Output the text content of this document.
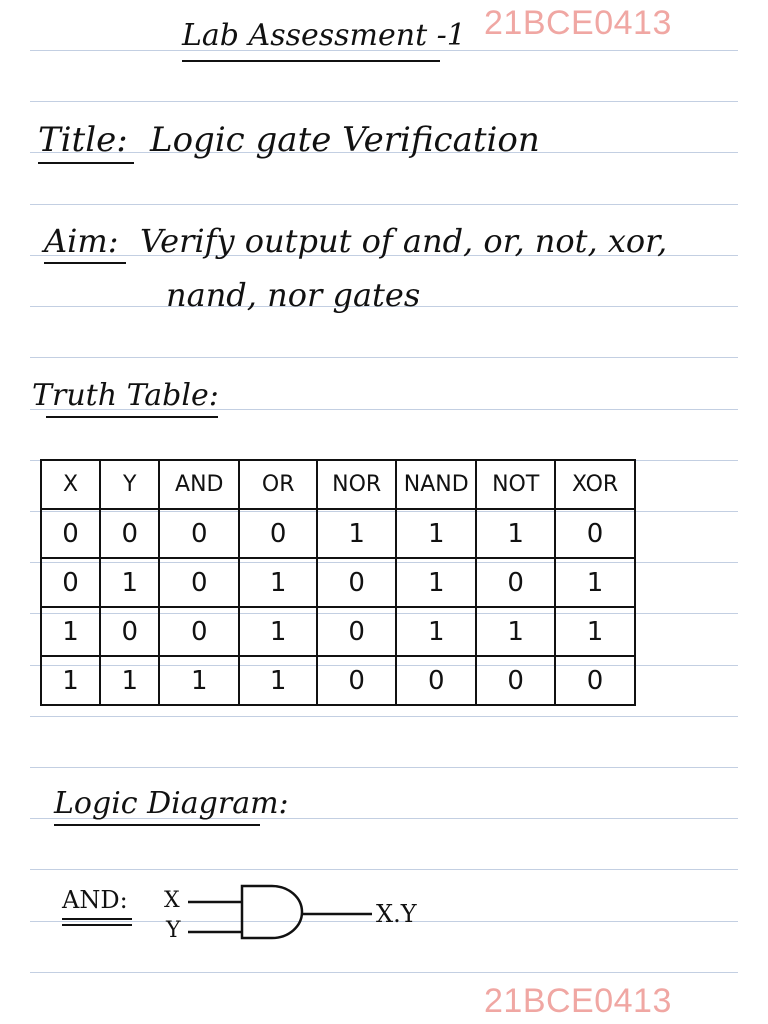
21BCE0413
21BCE0413
Lab Assessment -1
Title: Logic gate Verification
Aim: Verify output of and, or, not, xor,
nand, nor gates
Truth Table:
X	Y	AND	OR	NOR	NAND	NOT	XOR
0	0	0	0	1	1	1	0
0	1	0	1	0	1	0	1
1	0	0	1	0	1	1	1
1	1	1	1	0	0	0	0
Logic Diagram:
AND: X
Y
X.Y
